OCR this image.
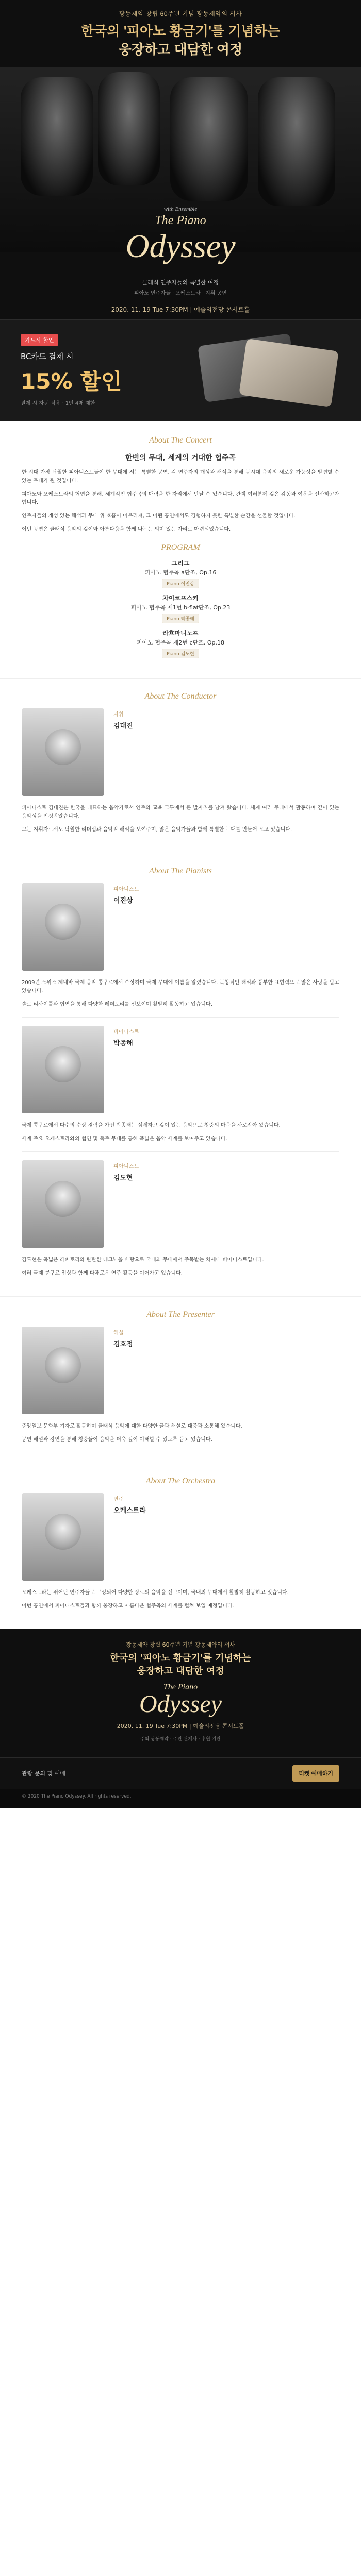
광동제약 창립 60주년 기념 광동제약의 서사
한국의 '피아노 황금기'를 기념하는
웅장하고 대담한 여정
with Ensemble
The Piano
Odyssey
클래식 연주자들의 특별한 여정
피아노 연주자들 · 오케스트라 · 지휘 공연
2020. 11. 19 Tue 7:30PM | 예술의전당 콘서트홀
카드사 할인
BC카드 결제 시
15% 할인
결제 시 자동 적용 · 1인 4매 제한
About The Concert
한번의 무대, 세계의 거대한 협주곡

한 시대 가장 탁월한 피아니스트들이 한 무대에 서는 특별한 공연. 각 연주자의 개성과 해석을 통해 동시대 음악의 새로운 가능성을 발견할 수 있는 무대가 될 것입니다.

피아노와 오케스트라의 협연을 통해, 세계적인 협주곡의 매력을 한 자리에서 만날 수 있습니다. 관객 여러분께 깊은 감동과 여운을 선사하고자 합니다.

연주자들의 개성 있는 해석과 무대 위 호흡이 어우러져, 그 어떤 공연에서도 경험하지 못한 특별한 순간을 선물할 것입니다.

이번 공연은 클래식 음악의 깊이와 아름다움을 함께 나누는 의미 있는 자리로 마련되었습니다.

PROGRAM
그리그
피아노 협주곡 a단조, Op.16
Piano 이진상
차이코프스키
피아노 협주곡 제1번 b-flat단조, Op.23
Piano 박종해
라흐마니노프
피아노 협주곡 제2번 c단조, Op.18
Piano 김도현
About The Conductor
지휘
김대진

피아니스트 김대진은 한국을 대표하는 음악가로서 연주와 교육 모두에서 큰 발자취를 남겨 왔습니다. 세계 여러 무대에서 활동하며 깊이 있는 음악성을 인정받았습니다.

그는 지휘자로서도 탁월한 리더십과 음악적 해석을 보여주며, 많은 음악가들과 함께 특별한 무대를 만들어 오고 있습니다.

About The Pianists
피아니스트
이진상

2009년 스위스 제네바 국제 음악 콩쿠르에서 수상하며 국제 무대에 이름을 알렸습니다. 독창적인 해석과 풍부한 표현력으로 많은 사랑을 받고 있습니다.

솔로 리사이틀과 협연을 통해 다양한 레퍼토리를 선보이며 활발히 활동하고 있습니다.

피아니스트
박종해

국제 콩쿠르에서 다수의 수상 경력을 가진 박종해는 섬세하고 깊이 있는 음악으로 청중의 마음을 사로잡아 왔습니다.

세계 주요 오케스트라와의 협연 및 독주 무대를 통해 폭넓은 음악 세계를 보여주고 있습니다.

피아니스트
김도현

김도현은 폭넓은 레퍼토리와 탄탄한 테크닉을 바탕으로 국내외 무대에서 주목받는 차세대 피아니스트입니다.

여러 국제 콩쿠르 입상과 함께 다채로운 연주 활동을 이어가고 있습니다.

About The Presenter
해설
김호정

중앙일보 문화부 기자로 활동하며 클래식 음악에 대한 다양한 글과 해설로 대중과 소통해 왔습니다.

공연 해설과 강연을 통해 청중들이 음악을 더욱 깊이 이해할 수 있도록 돕고 있습니다.

About The Orchestra
연주
오케스트라

오케스트라는 뛰어난 연주자들로 구성되어 다양한 장르의 음악을 선보이며, 국내외 무대에서 활발히 활동하고 있습니다.

이번 공연에서 피아니스트들과 함께 웅장하고 아름다운 협주곡의 세계를 펼쳐 보일 예정입니다.

광동제약 창립 60주년 기념 광동제약의 서사
한국의 '피아노 황금기'를 기념하는
웅장하고 대담한 여정
The Piano
Odyssey
2020. 11. 19 Tue 7:30PM | 예술의전당 콘서트홀
주최 광동제약 · 주관 관계사 · 후원 기관
관람 문의 및 예매	티켓 예매하기
© 2020 The Piano Odyssey. All rights reserved.
